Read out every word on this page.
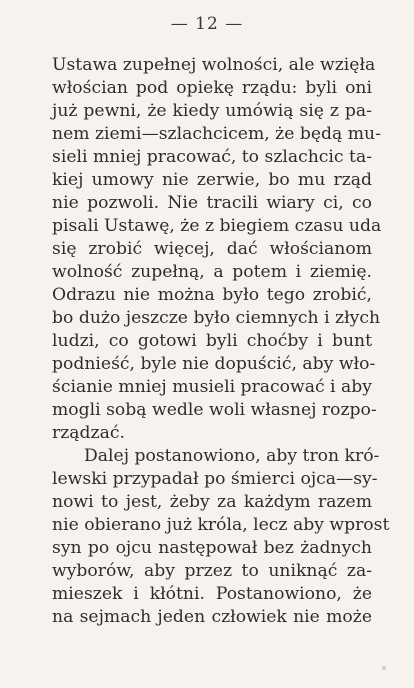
— 12 —
Ustawa zupełnej wolności, ale wzięła
włościan pod opiekę rządu: byli oni
już pewni, że kiedy umówią się z pa-
nem ziemi—szlachcicem, że będą mu-
sieli mniej pracować, to szlachcic ta-
kiej umowy nie zerwie, bo mu rząd
nie pozwoli. Nie tracili wiary ci, co
pisali Ustawę, że z biegiem czasu uda
się zrobić więcej, dać włościanom
wolność zupełną, a potem i ziemię.
Odrazu nie można było tego zrobić,
bo dużo jeszcze było ciemnych i złych
ludzi, co gotowi byli choćby i bunt
podnieść, byle nie dopuścić, aby wło-
ścianie mniej musieli pracować i aby
mogli sobą wedle woli własnej rozpo-
rządzać.
Dalej postanowiono, aby tron kró-
lewski przypadał po śmierci ojca—sy-
nowi to jest, żeby za każdym razem
nie obierano już króla, lecz aby wprost
syn po ojcu następował bez żadnych
wyborów, aby przez to uniknąć za-
mieszek i kłótni. Postanowiono, że
na sejmach jeden człowiek nie może
